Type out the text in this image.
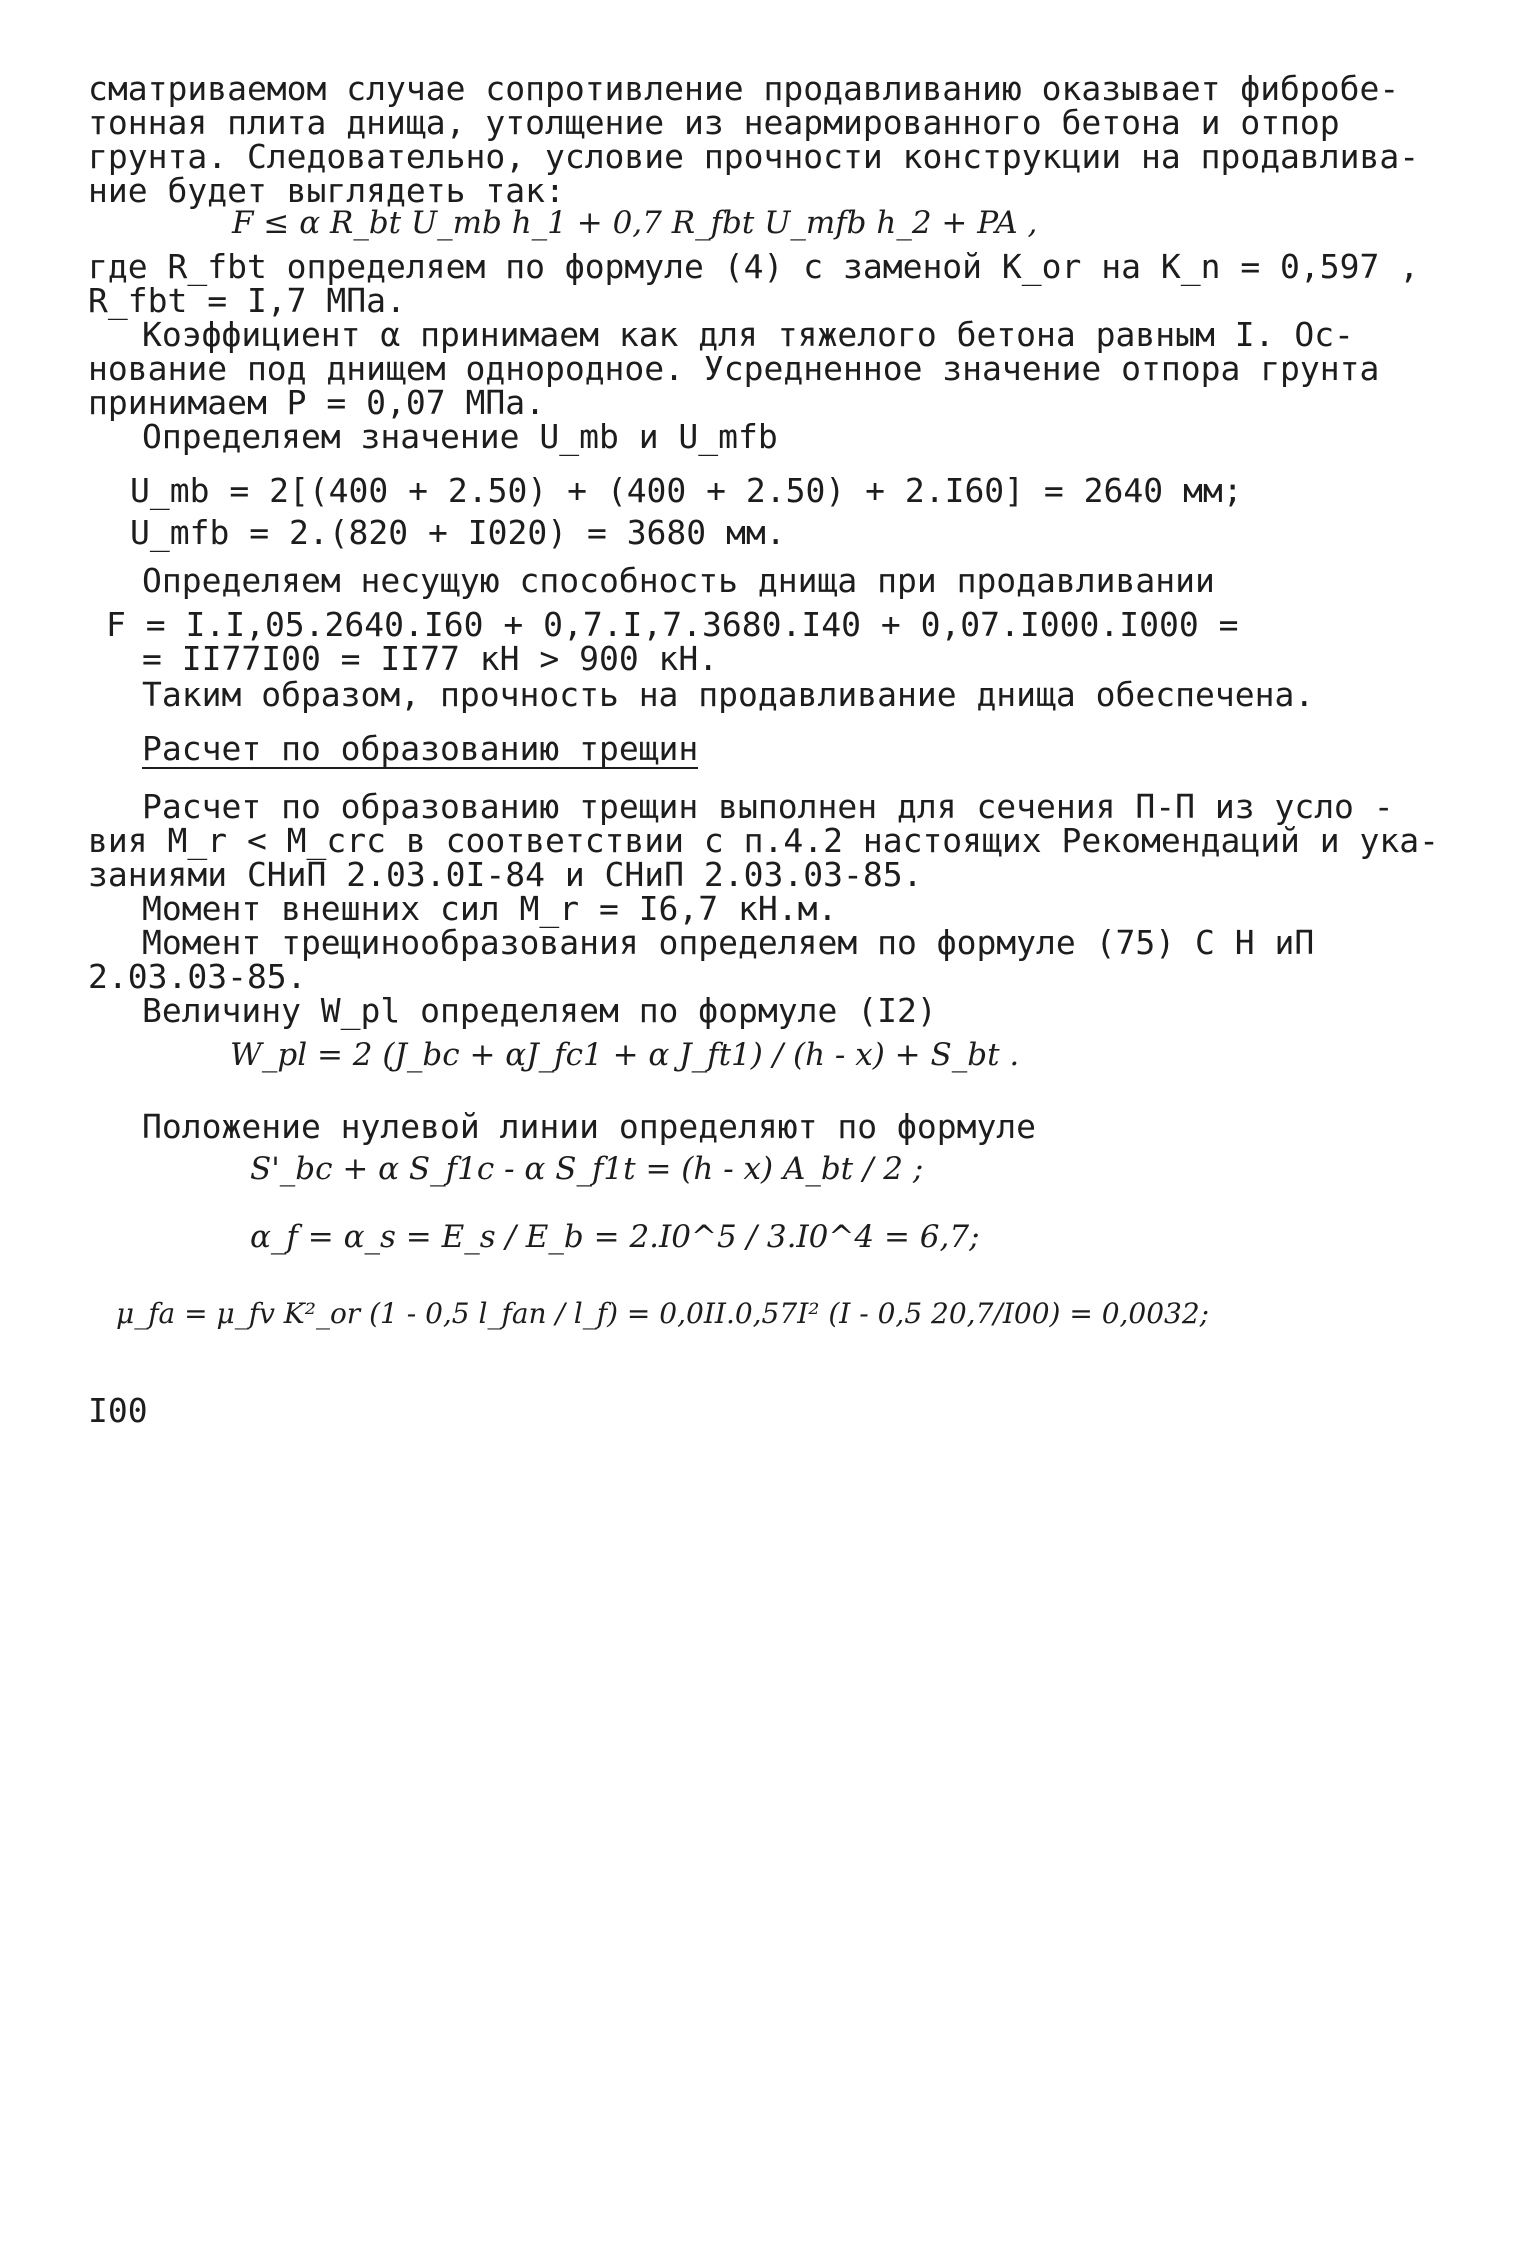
сматриваемом случае сопротивление продавливанию оказывает фибробе-
тонная плита днища, утолщение из неармированного бетона и отпор
грунта. Следовательно, условие прочности конструкции на продавлива-
ние будет выглядеть так:
F ≤ α R_bt U_mb h_1 + 0,7 R_fbt U_mfb h_2 + PA ,
где R_fbt определяем по формуле (4) с заменой K_or на K_n = 0,597 ,
R_fbt = I,7 МПа.
Коэффициент α принимаем как для тяжелого бетона равным I. Ос-
нование под днищем однородное. Усредненное значение отпора грунта
принимаем P = 0,07 МПа.
Определяем значение U_mb и U_mfb
U_mb = 2[(400 + 2.50) + (400 + 2.50) + 2.I60] = 2640 мм;
U_mfb = 2.(820 + I020) = 3680 мм.
Определяем несущую способность днища при продавливании
F = I.I,05.2640.I60 + 0,7.I,7.3680.I40 + 0,07.I000.I000 =
= II77I00 = II77 кН > 900 кН.
Таким образом, прочность на продавливание днища обеспечена.
Расчет по образованию трещин
Расчет по образованию трещин выполнен для сечения П-П из усло -
вия M_r < M_crc в соответствии с п.4.2 настоящих Рекомендаций и ука-
заниями СНиП 2.03.0I-84 и СНиП 2.03.03-85.
Момент внешних сил M_r = I6,7 кН.м.
Момент трещинообразования определяем по формуле (75) С Н иП
2.03.03-85.
Величину W_pl определяем по формуле (I2)
W_pl = 2 (J_bc + αJ_fc1 + α J_ft1) / (h - x) + S_bt .
Положение нулевой линии определяют по формуле
S'_bc + α S_f1c - α S_f1t = (h - x) A_bt / 2 ;
α_f = α_s = E_s / E_b = 2.I0^5 / 3.I0^4 = 6,7;
μ_fa = μ_fv K²_or (1 - 0,5 l_fan / l_f) = 0,0II.0,57I² (I - 0,5 20,7/I00) = 0,0032;
I00
